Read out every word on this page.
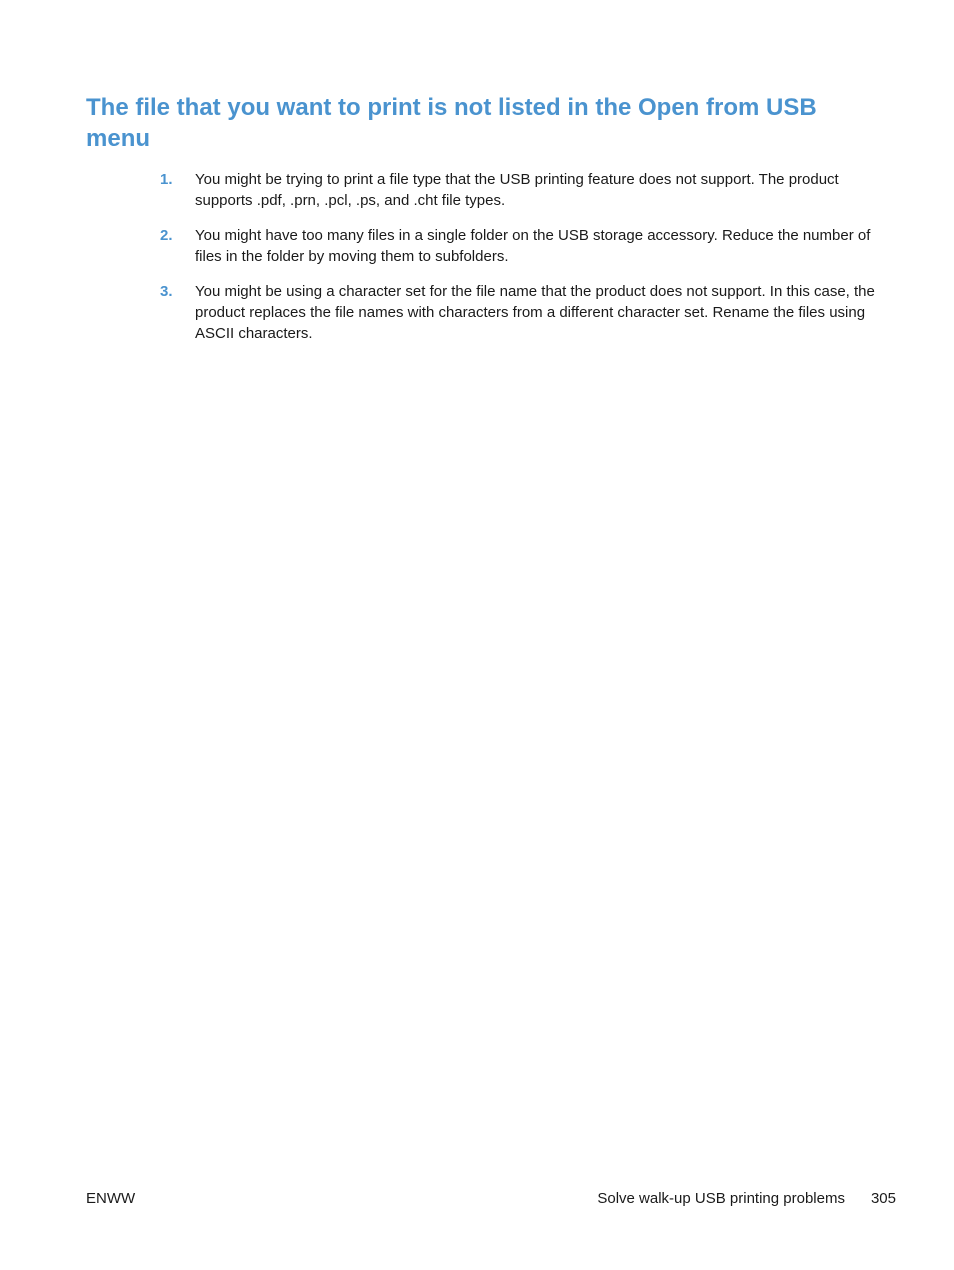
The file that you want to print is not listed in the Open from USB menu
1. You might be trying to print a file type that the USB printing feature does not support. The product supports .pdf, .prn, .pcl, .ps, and .cht file types.
2. You might have too many files in a single folder on the USB storage accessory. Reduce the number of files in the folder by moving them to subfolders.
3. You might be using a character set for the file name that the product does not support. In this case, the product replaces the file names with characters from a different character set. Rename the files using ASCII characters.
ENWW	Solve walk-up USB printing problems 305
